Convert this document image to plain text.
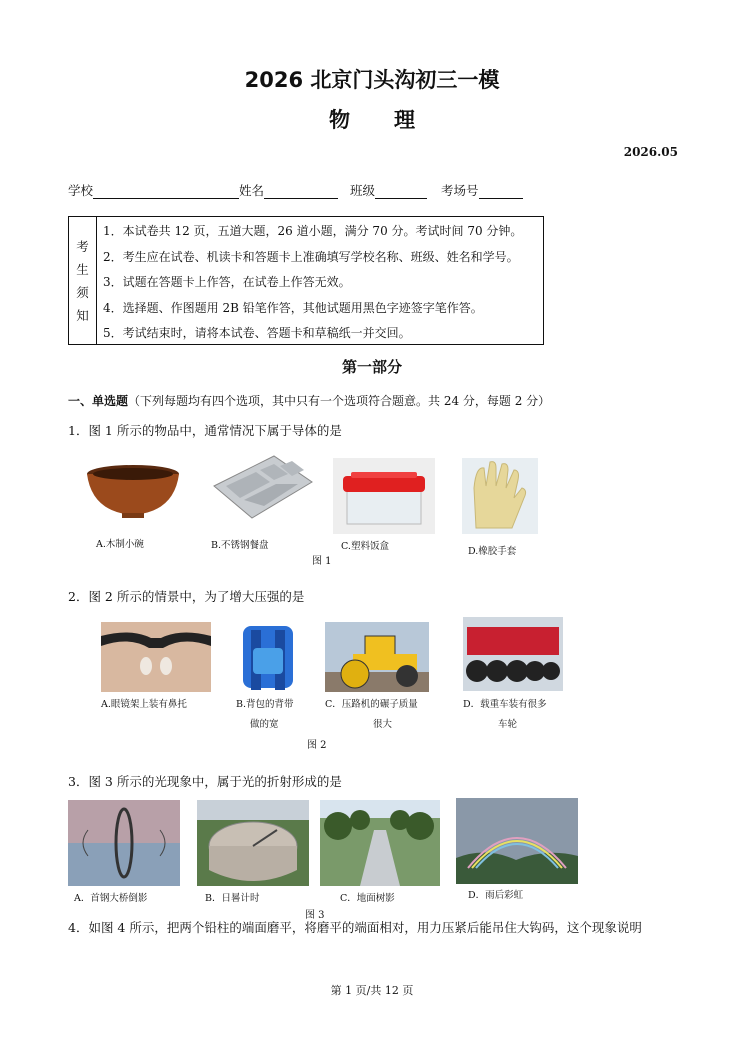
2026 北京门头沟初三一模
物理
2026.05
学校	姓名	班级	考场号
考
生
须
知
1．本试卷共 12 页，五道大题，26 道小题，满分 70 分。考试时间 70 分钟。
2．考生应在试卷、机读卡和答题卡上准确填写学校名称、班级、姓名和学号。
3．试题在答题卡上作答，在试卷上作答无效。
4．选择题、作图题用 2B 铅笔作答，其他试题用黑色字迹签字笔作答。
5．考试结束时，请将本试卷、答题卡和草稿纸一并交回。
第一部分
一、单选题（下列每题均有四个选项，其中只有一个选项符合题意。共 24 分，每题 2 分）
1．图 1 所示的物品中，通常情况下属于导体的是
A.木制小碗	B.不锈钢餐盘	C.塑料饭盒	D.橡胶手套
图 1
2．图 2 所示的情景中，为了增大压强的是
A.眼镜架上装有鼻托	B.背包的背带
做的宽
C．压路机的碾子质量
很大
D．载重车装有很多
车轮
图 2
3．图 3 所示的光现象中，属于光的折射形成的是
A．首钢大桥倒影	B．日晷计时	C．地面树影	D．雨后彩虹
图 3
4．如图 4 所示，把两个铅柱的端面磨平，将磨平的端面相对，用力压紧后能吊住大钩码，这个现象说明
第 1 页/共 12 页
